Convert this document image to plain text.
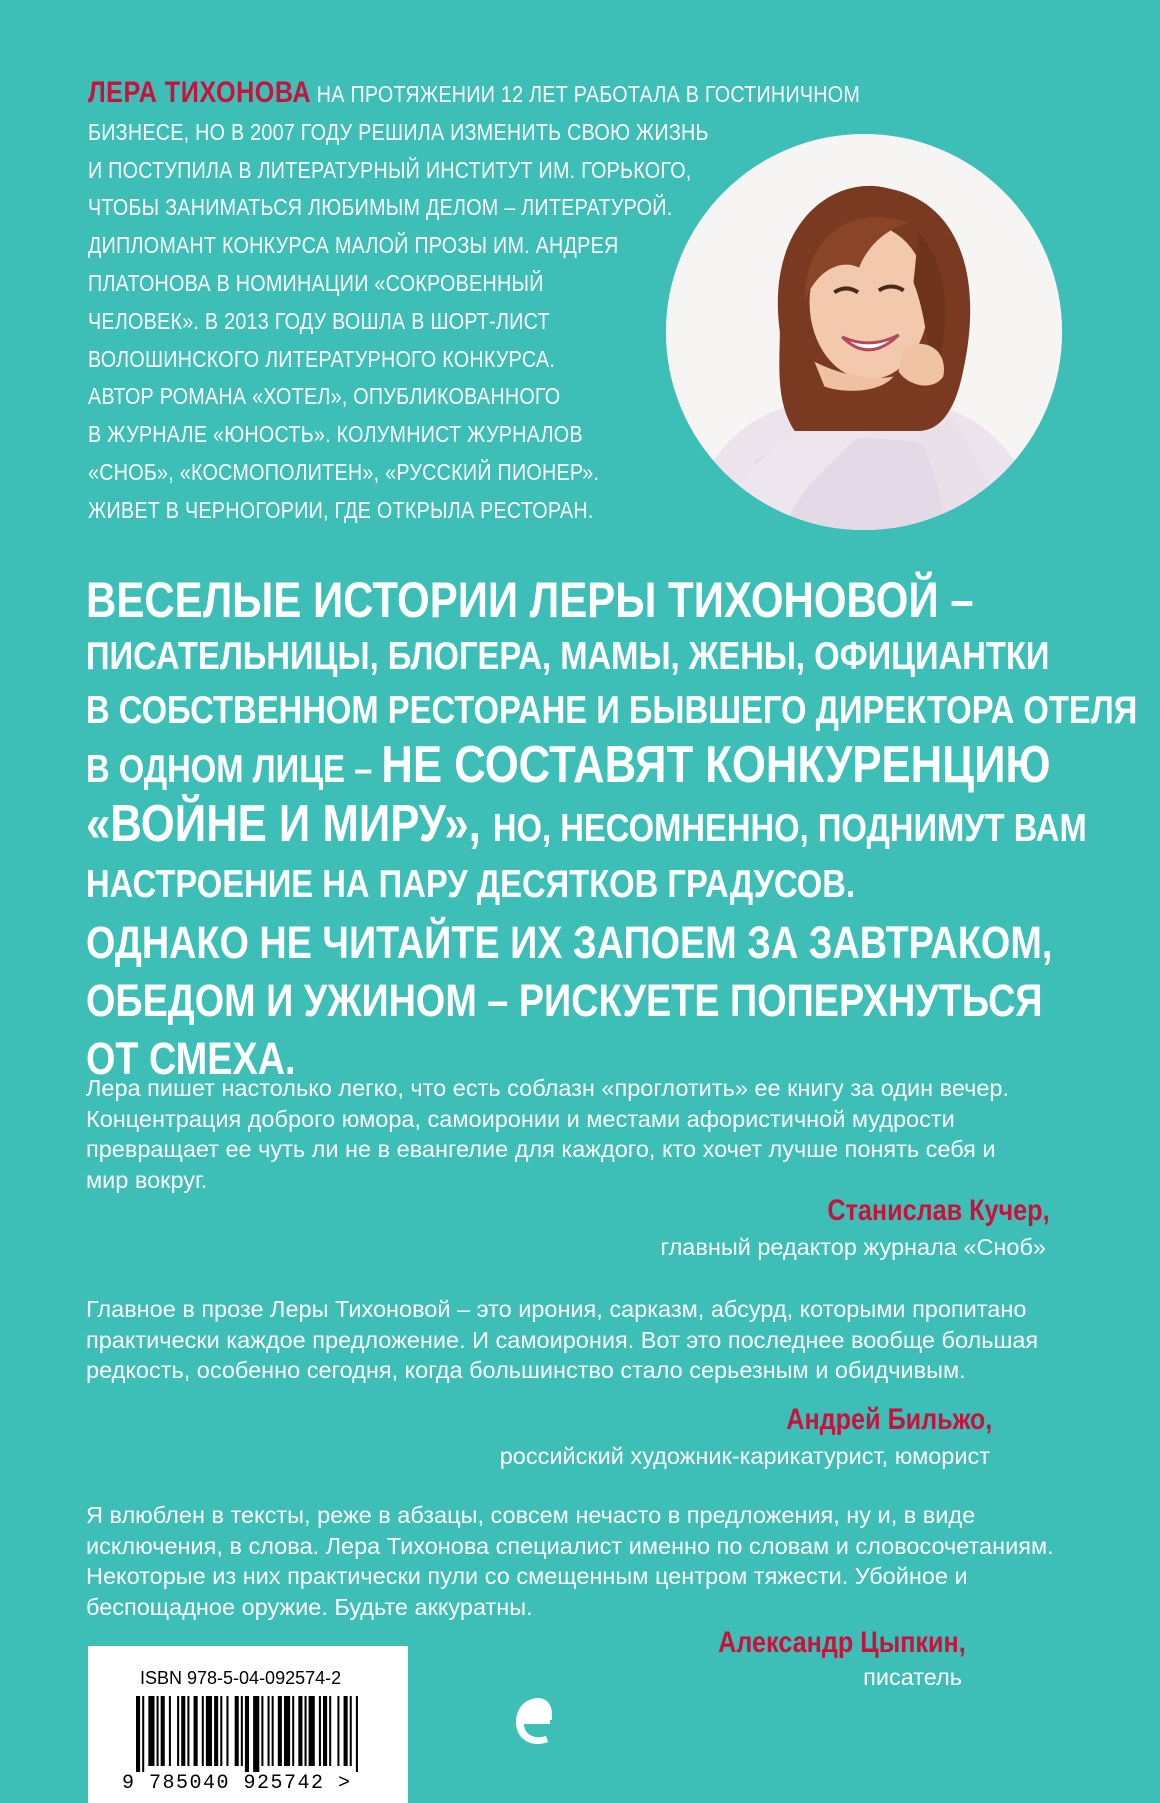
ЛЕРА ТИХОНОВА НА ПРОТЯЖЕНИИ 12 ЛЕТ РАБОТАЛА В ГОСТИНИЧНОМ
БИЗНЕСЕ, НО В 2007 ГОДУ РЕШИЛА ИЗМЕНИТЬ СВОЮ ЖИЗНЬ
И ПОСТУПИЛА В ЛИТЕРАТУРНЫЙ ИНСТИТУТ ИМ. ГОРЬКОГО,
ЧТОБЫ ЗАНИМАТЬСЯ ЛЮБИМЫМ ДЕЛОМ – ЛИТЕРАТУРОЙ.
ДИПЛОМАНТ КОНКУРСА МАЛОЙ ПРОЗЫ ИМ. АНДРЕЯ
ПЛАТОНОВА В НОМИНАЦИИ «СОКРОВЕННЫЙ
ЧЕЛОВЕК». В 2013 ГОДУ ВОШЛА В ШОРТ-ЛИСТ
ВОЛОШИНСКОГО ЛИТЕРАТУРНОГО КОНКУРСА.
АВТОР РОМАНА «ХОТЕЛ», ОПУБЛИКОВАННОГО
В ЖУРНАЛЕ «ЮНОСТЬ». КОЛУМНИСТ ЖУРНАЛОВ
«СНОБ», «КОСМОПОЛИТЕН», «РУССКИЙ ПИОНЕР».
ЖИВЕТ В ЧЕРНОГОРИИ, ГДЕ ОТКРЫЛА РЕСТОРАН.
ВЕСЕЛЫЕ ИСТОРИИ ЛЕРЫ ТИХОНОВОЙ –
ПИСАТЕЛЬНИЦЫ, БЛОГЕРА, МАМЫ, ЖЕНЫ, ОФИЦИАНТКИ
В СОБСТВЕННОМ РЕСТОРАНЕ И БЫВШЕГО ДИРЕКТОРА ОТЕЛЯ
В ОДНОМ ЛИЦЕ – НЕ СОСТАВЯТ КОНКУРЕНЦИЮ
«ВОЙНЕ И МИРУ», НО, НЕСОМНЕННО, ПОДНИМУТ ВАМ
НАСТРОЕНИЕ НА ПАРУ ДЕСЯТКОВ ГРАДУСОВ.
ОДНАКО НЕ ЧИТАЙТЕ ИХ ЗАПОЕМ ЗА ЗАВТРАКОМ,
ОБЕДОМ И УЖИНОМ – РИСКУЕТЕ ПОПЕРХНУТЬСЯ
ОТ СМЕХА.
Лера пишет настолько легко, что есть соблазн «проглотить» ее книгу за один вечер.
Концентрация доброго юмора, самоиронии и местами афористичной мудрости
превращает ее чуть ли не в евангелие для каждого, кто хочет лучше понять себя и
мир вокруг.
Станислав Кучер,
главный редактор журнала «Сноб»
Главное в прозе Леры Тихоновой – это ирония, сарказм, абсурд, которыми пропитано
практически каждое предложение. И самоирония. Вот это последнее вообще большая
редкость, особенно сегодня, когда большинство стало серьезным и обидчивым.
Андрей Бильжо,
российский художник-карикатурист, юморист
Я влюблен в тексты, реже в абзацы, совсем нечасто в предложения, ну и, в виде
исключения, в слова. Лера Тихонова специалист именно по словам и словосочетаниям.
Некоторые из них практически пули со смещенным центром тяжести. Убойное и
беспощадное оружие. Будьте аккуратны.
Александр Цыпкин,
писатель
ISBN 978-5-04-092574-2
9 785040 925742 >
